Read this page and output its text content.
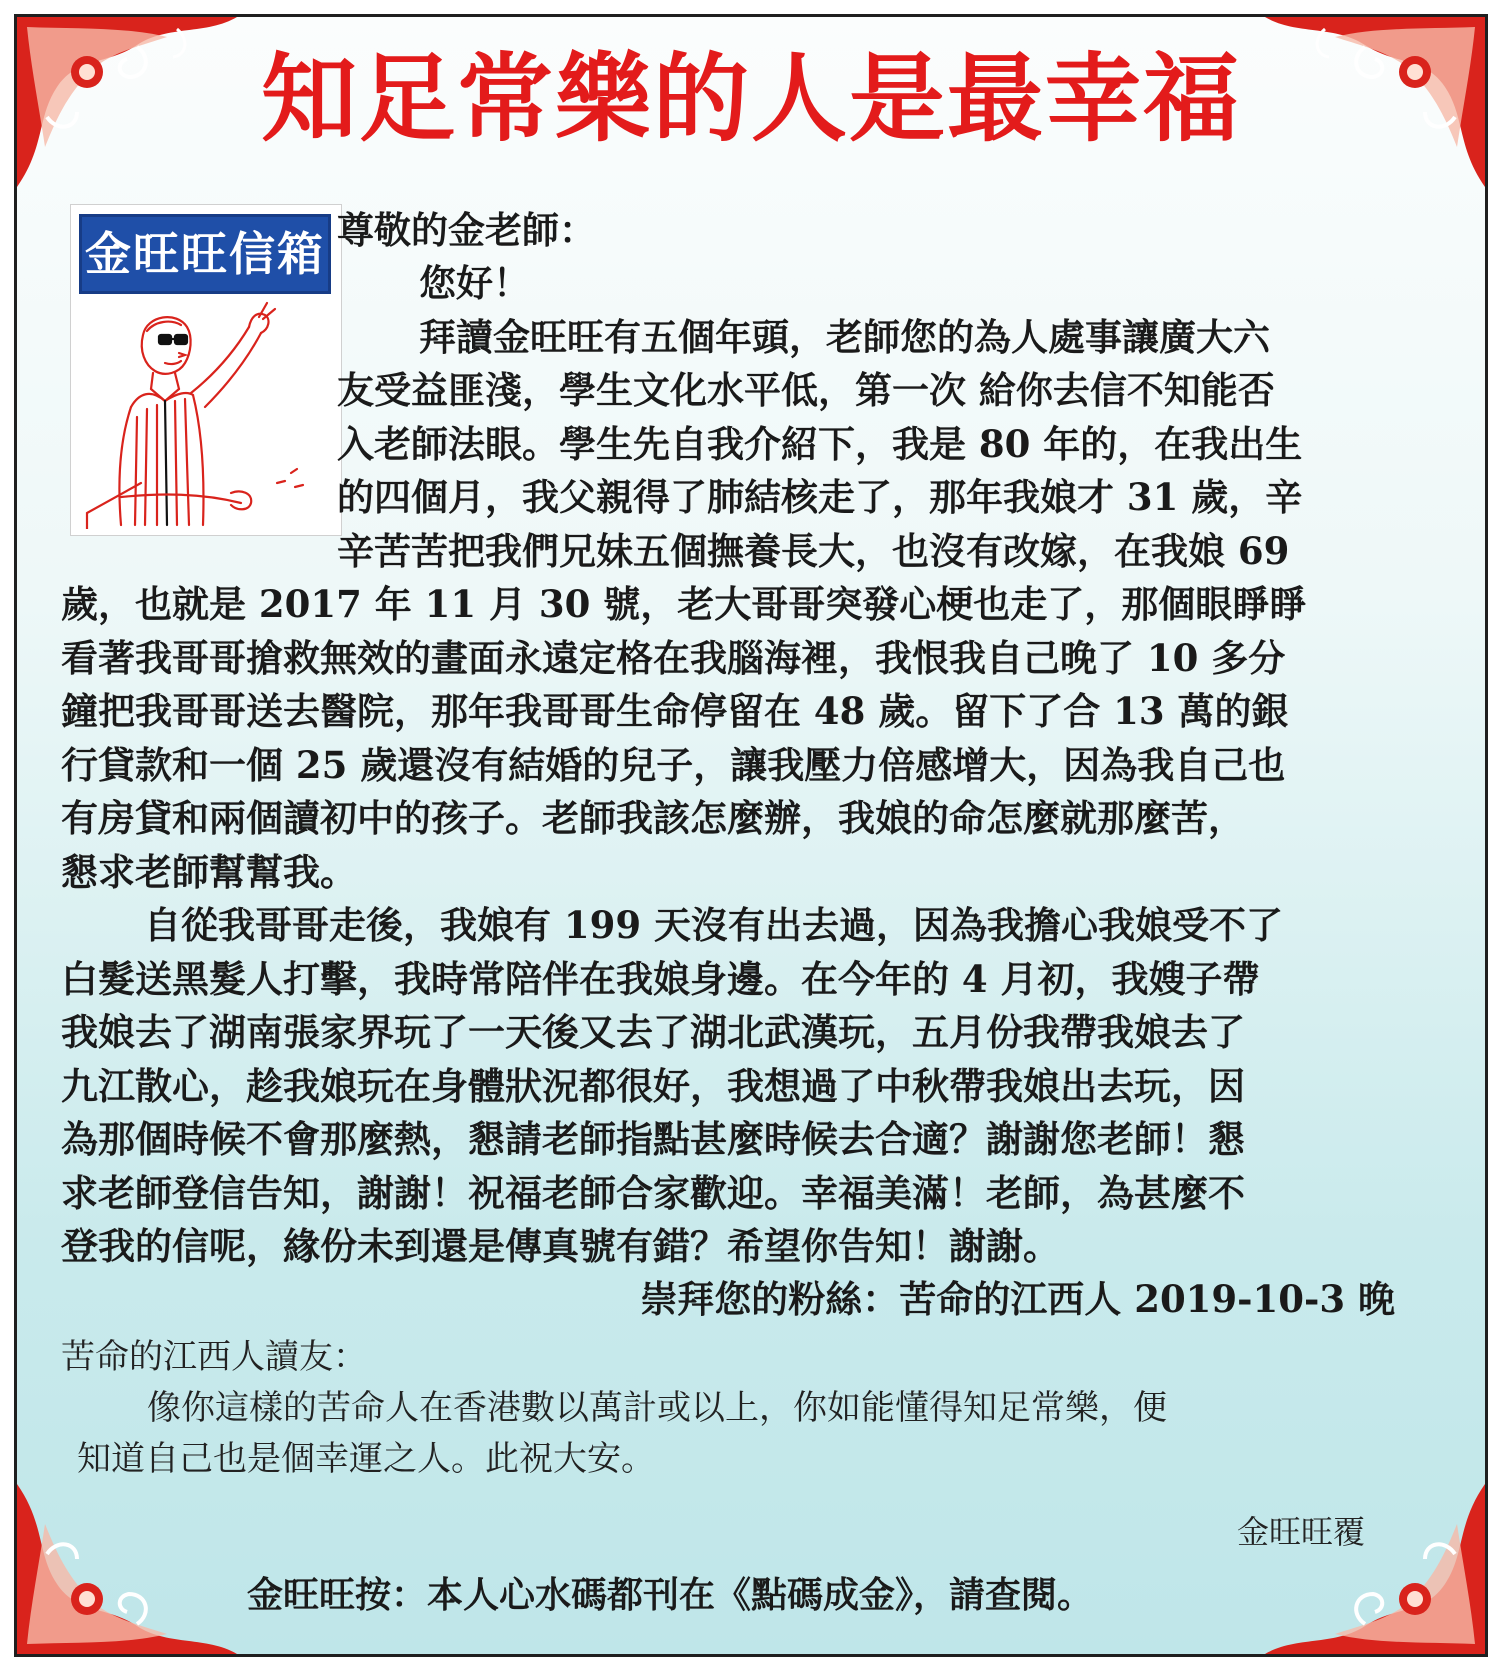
知足常樂的人是最幸福
金旺旺信箱 尊敬的金老師：
您好！
拜讀金旺旺有五個年頭，老師您的為人處事讓廣大六
友受益匪淺，學生文化水平低，第一次 給你去信不知能否
入老師法眼。學生先自我介紹下，我是 80 年的，在我出生
的四個月，我父親得了肺結核走了，那年我娘才 31 歲，辛
辛苦苦把我們兄妹五個撫養長大，也沒有改嫁，在我娘 69
歲，也就是 2017 年 11 月 30 號，老大哥哥突發心梗也走了，那個眼睜睜
看著我哥哥搶救無效的畫面永遠定格在我腦海裡，我恨我自己晚了 10 多分
鐘把我哥哥送去醫院，那年我哥哥生命停留在 48 歲。留下了合 13 萬的銀
行貸款和一個 25 歲還沒有結婚的兒子，讓我壓力倍感增大，因為我自己也
有房貸和兩個讀初中的孩子。老師我該怎麼辦，我娘的命怎麼就那麼苦，
懇求老師幫幫我。
自從我哥哥走後，我娘有 199 天沒有出去過，因為我擔心我娘受不了
白髮送黑髮人打擊，我時常陪伴在我娘身邊。在今年的 4 月初，我嫂子帶
我娘去了湖南張家界玩了一天後又去了湖北武漢玩，五月份我帶我娘去了
九江散心，趁我娘玩在身體狀況都很好，我想過了中秋帶我娘出去玩，因
為那個時候不會那麼熱，懇請老師指點甚麼時候去合適？謝謝您老師！懇
求老師登信告知，謝謝！祝福老師合家歡迎。幸福美滿！老師，為甚麼不
登我的信呢，緣份未到還是傳真號有錯？希望你告知！謝謝。
崇拜您的粉絲：苦命的江西人 2019-10-3 晚
苦命的江西人讀友：
像你這樣的苦命人在香港數以萬計或以上，你如能懂得知足常樂，便
知道自己也是個幸運之人。此祝大安。
金旺旺覆
金旺旺按：本人心水碼都刊在《點碼成金》，請查閱。
